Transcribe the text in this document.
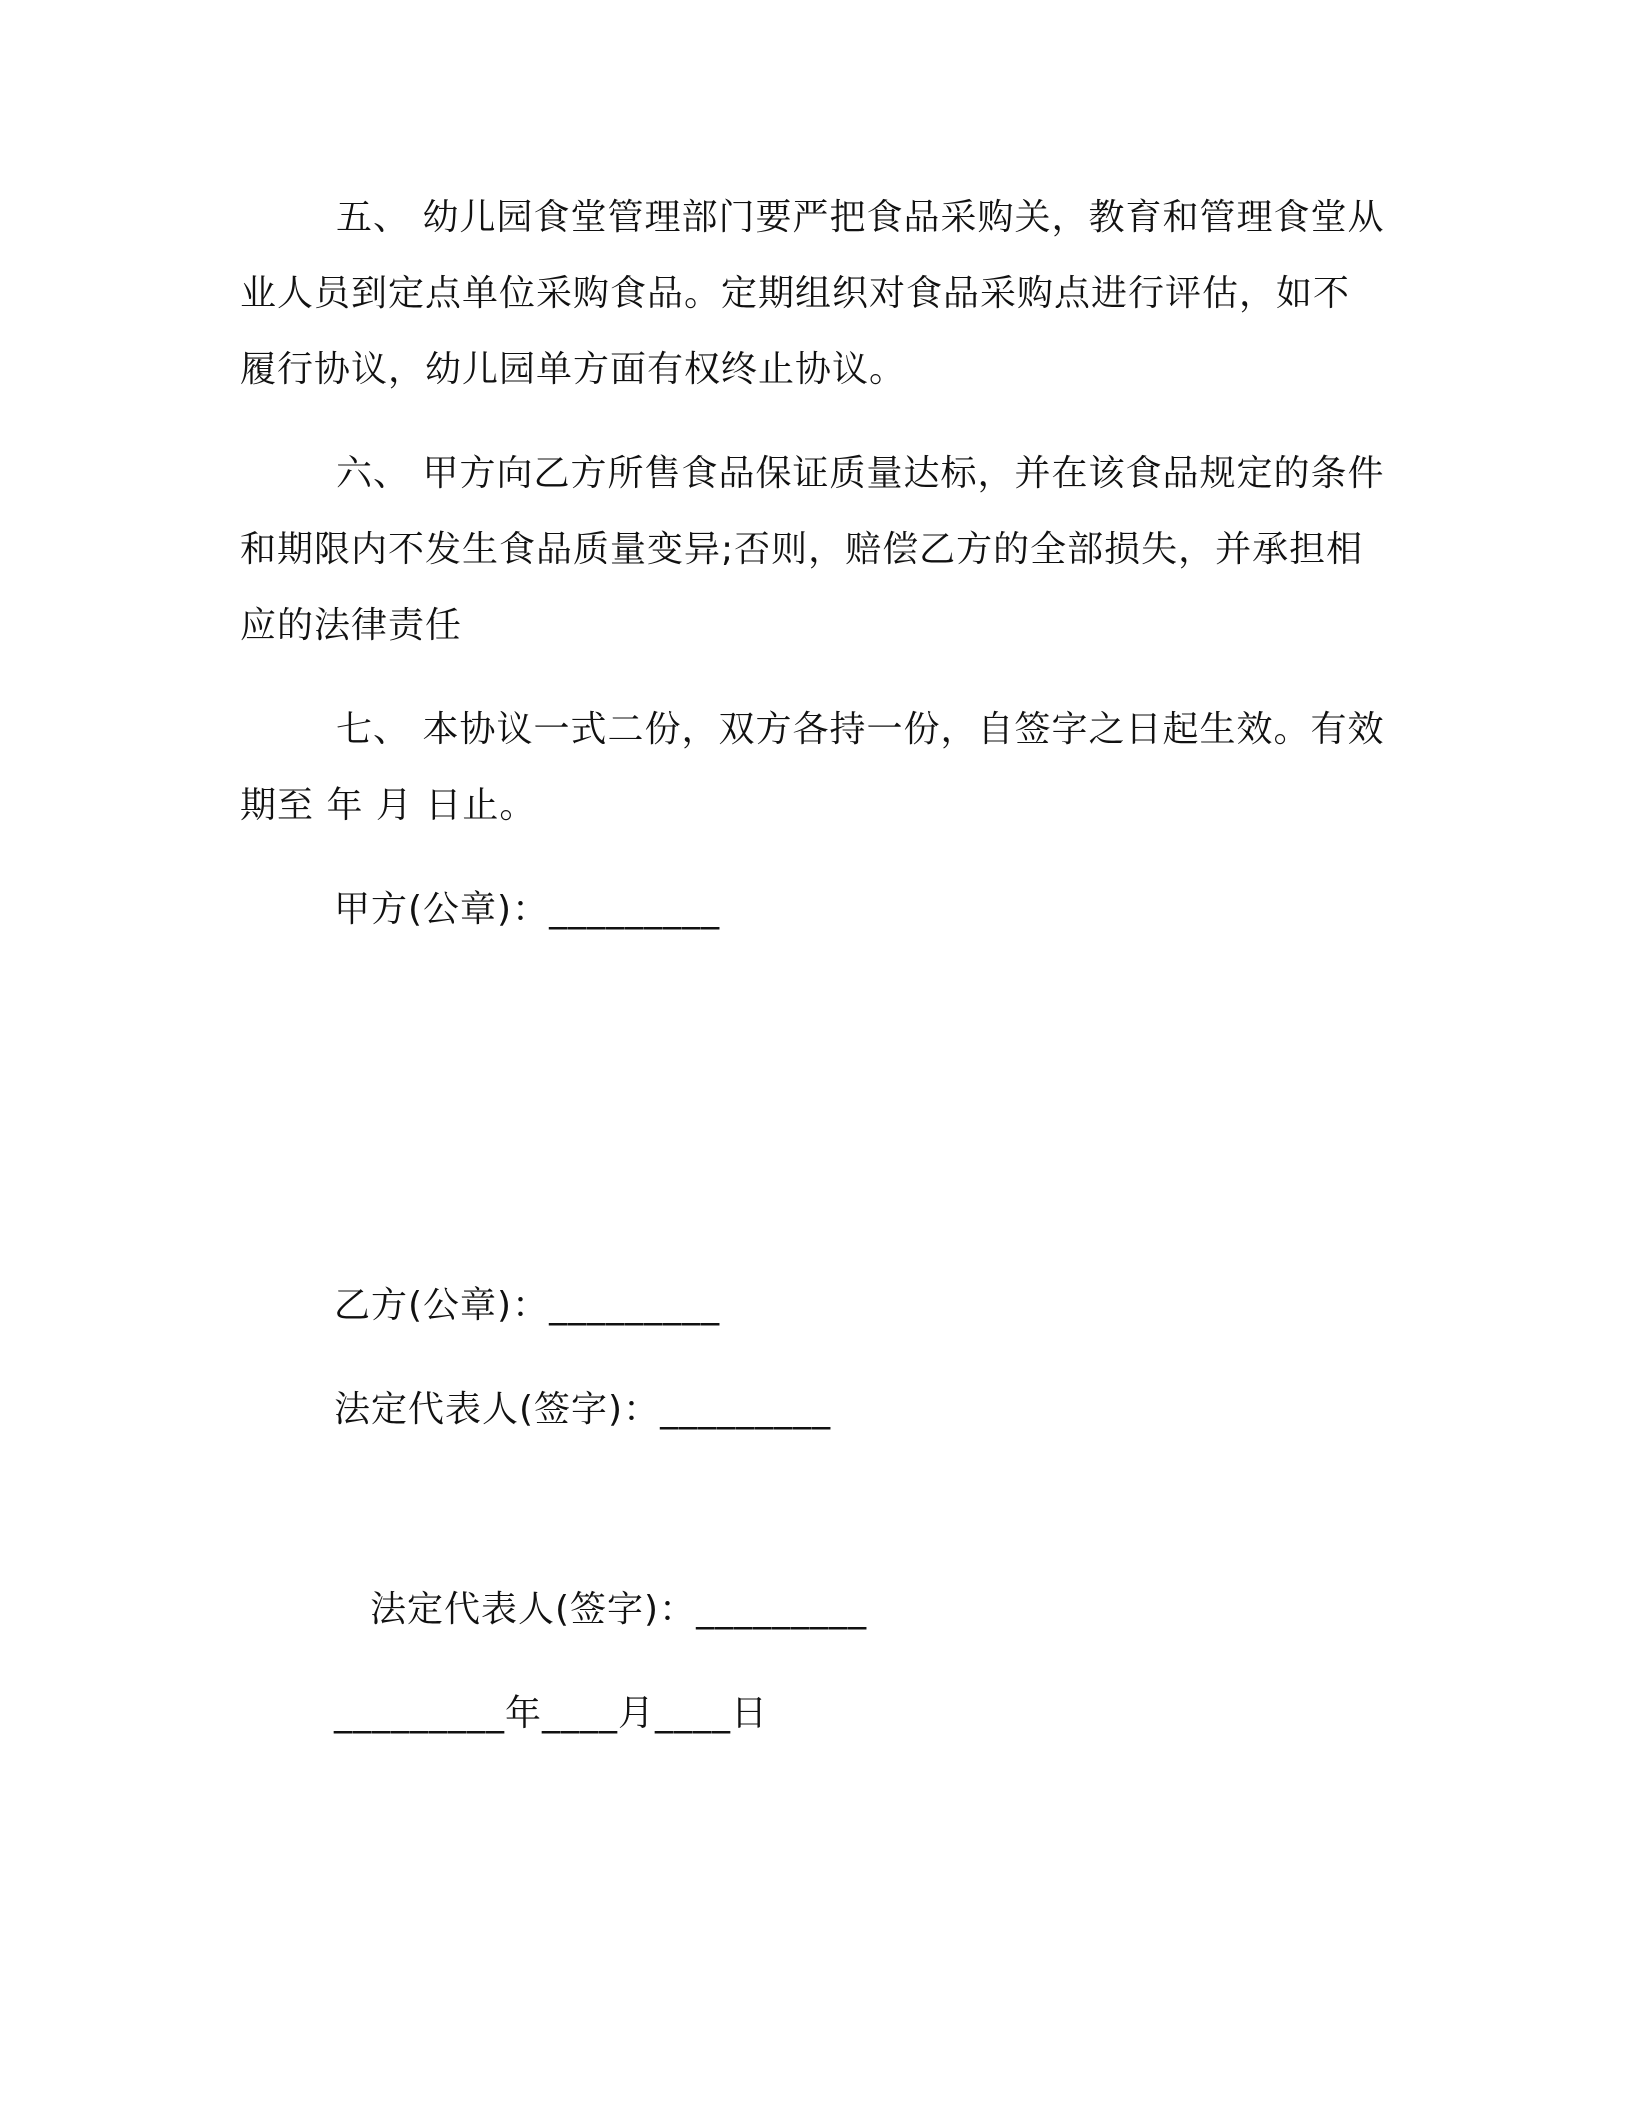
五、 幼儿园食堂管理部门要严把食品采购关，教育和管理食堂从
业人员到定点单位采购食品。定期组织对食品采购点进行评估，如不
履行协议，幼儿园单方面有权终止协议。
六、 甲方向乙方所售食品保证质量达标，并在该食品规定的条件
和期限内不发生食品质量变异;否则，赔偿乙方的全部损失，并承担相
应的法律责任
七、 本协议一式二份，双方各持一份，自签字之日起生效。有效
期至 年 月 日止。
甲方(公章)：_________
乙方(公章)：_________
法定代表人(签字)：_________
法定代表人(签字)：_________
_________年____月____日
